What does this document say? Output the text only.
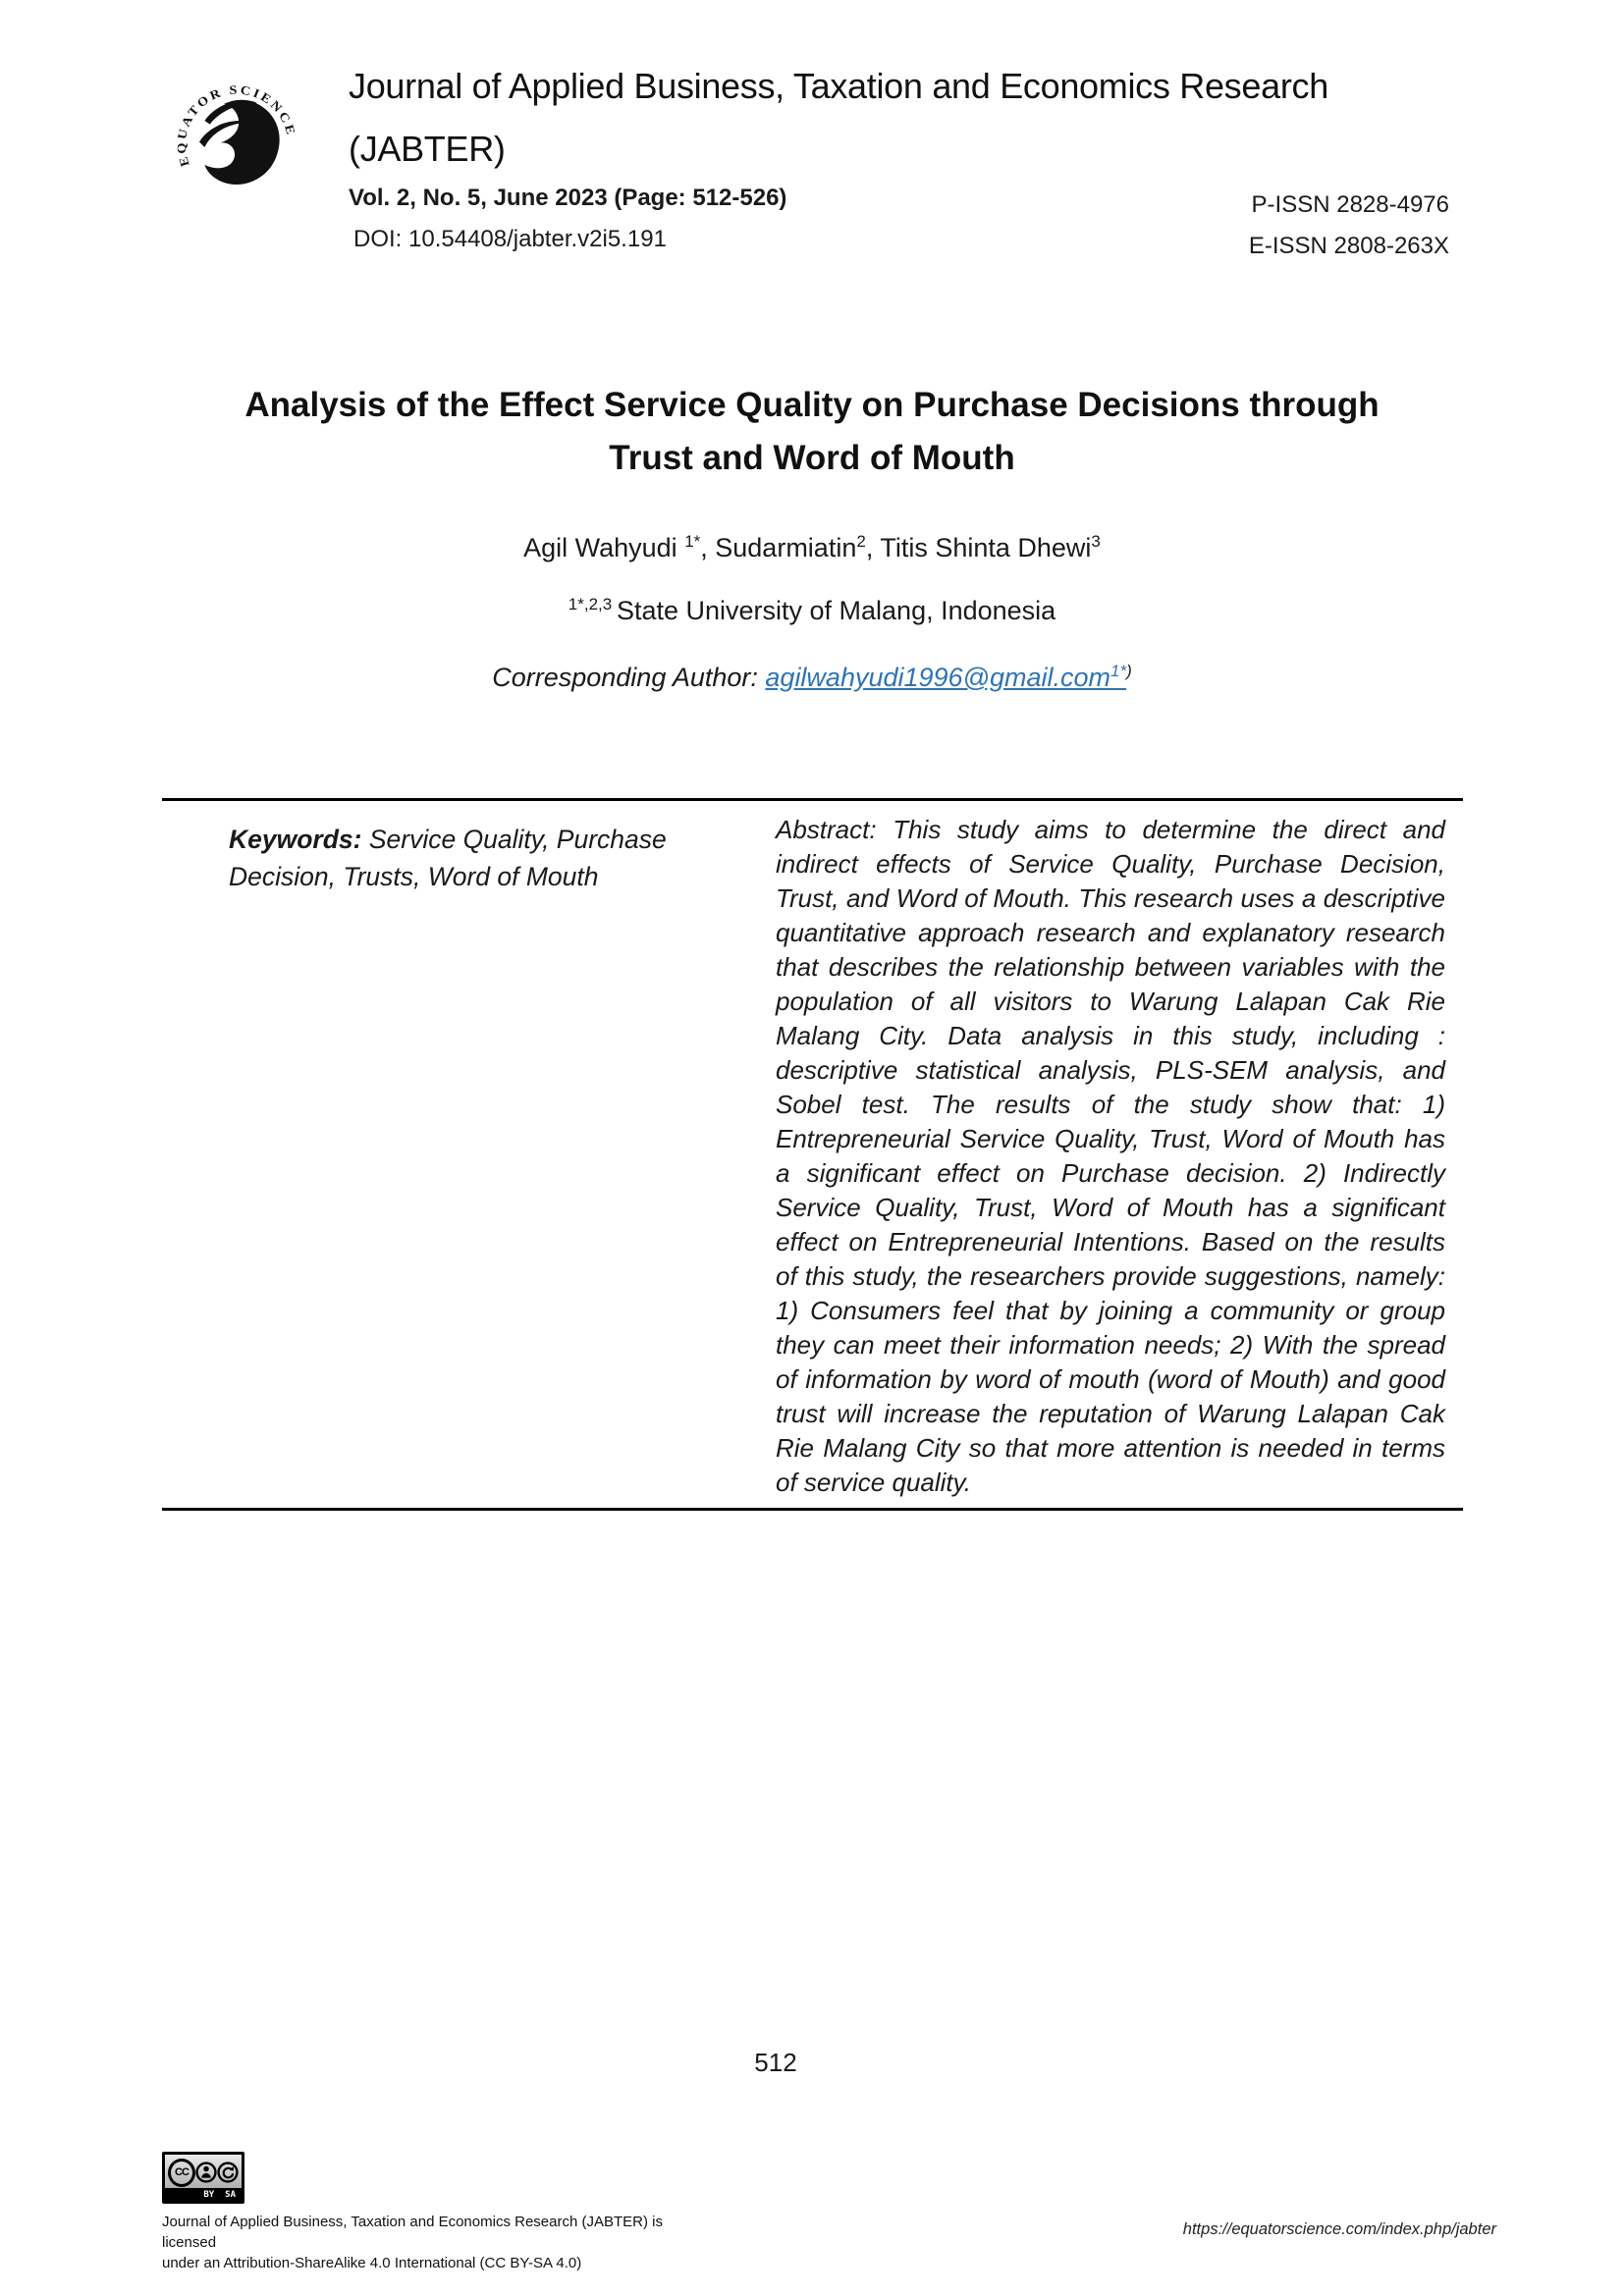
EQUATOR SCIENCE
Journal of Applied Business, Taxation and Economics Research
(JABTER)
Vol. 2, No. 5, June 2023 (Page: 512-526)
DOI: 10.54408/jabter.v2i5.191
P-ISSN 2828-4976
E-ISSN 2808-263X
Analysis of the Effect Service Quality on Purchase Decisions through
Trust and Word of Mouth
Agil Wahyudi $^{1*}$, Sudarmiatin$^2$, Titis Shinta Dhewi$^3$
$^{1*,2,3}$ State University of Malang, Indonesia
Corresponding Author: agilwahyudi1996@gmail.com$^{1*)}$
Keywords: Service Quality, Purchase Decision, Trusts, Word of Mouth
Abstract: This study aims to determine the direct and indirect effects of Service Quality, Purchase Decision, Trust, and Word of Mouth. This research uses a descriptive quantitative approach research and explanatory research that describes the relationship between variables with the population of all visitors to Warung Lalapan Cak Rie Malang City. Data analysis in this study, including : descriptive statistical analysis, PLS-SEM analysis, and Sobel test. The results of the study show that: 1) Entrepreneurial Service Quality, Trust, Word of Mouth has a significant effect on Purchase decision. 2) Indirectly Service Quality, Trust, Word of Mouth has a significant effect on Entrepreneurial Intentions. Based on the results of this study, the researchers provide suggestions, namely: 1) Consumers feel that by joining a community or group they can meet their information needs; 2) With the spread of information by word of mouth (word of Mouth) and good trust will increase the reputation of Warung Lalapan Cak Rie Malang City so that more attention is needed in terms of service quality.
512
CC
BY SA
Journal of Applied Business, Taxation and Economics Research (JABTER) is licensed
under an Attribution-ShareAlike 4.0 International (CC BY-SA 4.0)
https://equatorscience.com/index.php/jabter
